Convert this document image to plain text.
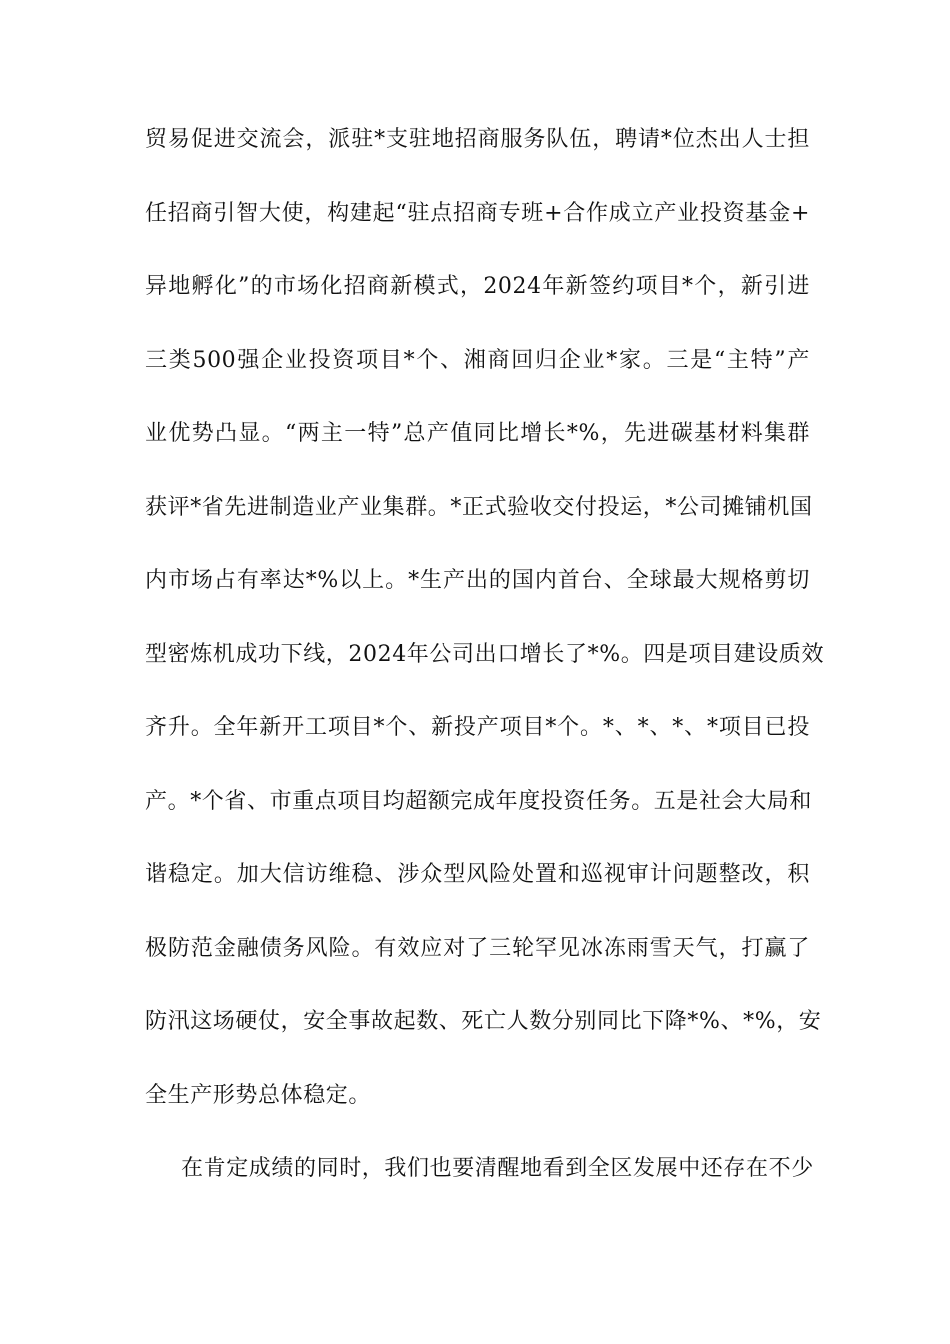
贸易促进交流会，派驻*支驻地招商服务队伍，聘请*位杰出人士担
任招商引智大使，构建起“驻点招商专班+合作成立产业投资基金+
异地孵化”的市场化招商新模式，2024年新签约项目*个，新引进
三类500强企业投资项目*个、湘商回归企业*家。三是“主特”产
业优势凸显。“两主一特”总产值同比增长*%，先进碳基材料集群
获评*省先进制造业产业集群。*正式验收交付投运，*公司摊铺机国
内市场占有率达*%以上。*生产出的国内首台、全球最大规格剪切
型密炼机成功下线，2024年公司出口增长了*%。四是项目建设质效
齐升。全年新开工项目*个、新投产项目*个。*、*、*、*项目已投
产。*个省、市重点项目均超额完成年度投资任务。五是社会大局和
谐稳定。加大信访维稳、涉众型风险处置和巡视审计问题整改，积
极防范金融债务风险。有效应对了三轮罕见冰冻雨雪天气，打赢了
防汛这场硬仗，安全事故起数、死亡人数分别同比下降*%、*%，安
全生产形势总体稳定。
在肯定成绩的同时，我们也要清醒地看到全区发展中还存在不少
